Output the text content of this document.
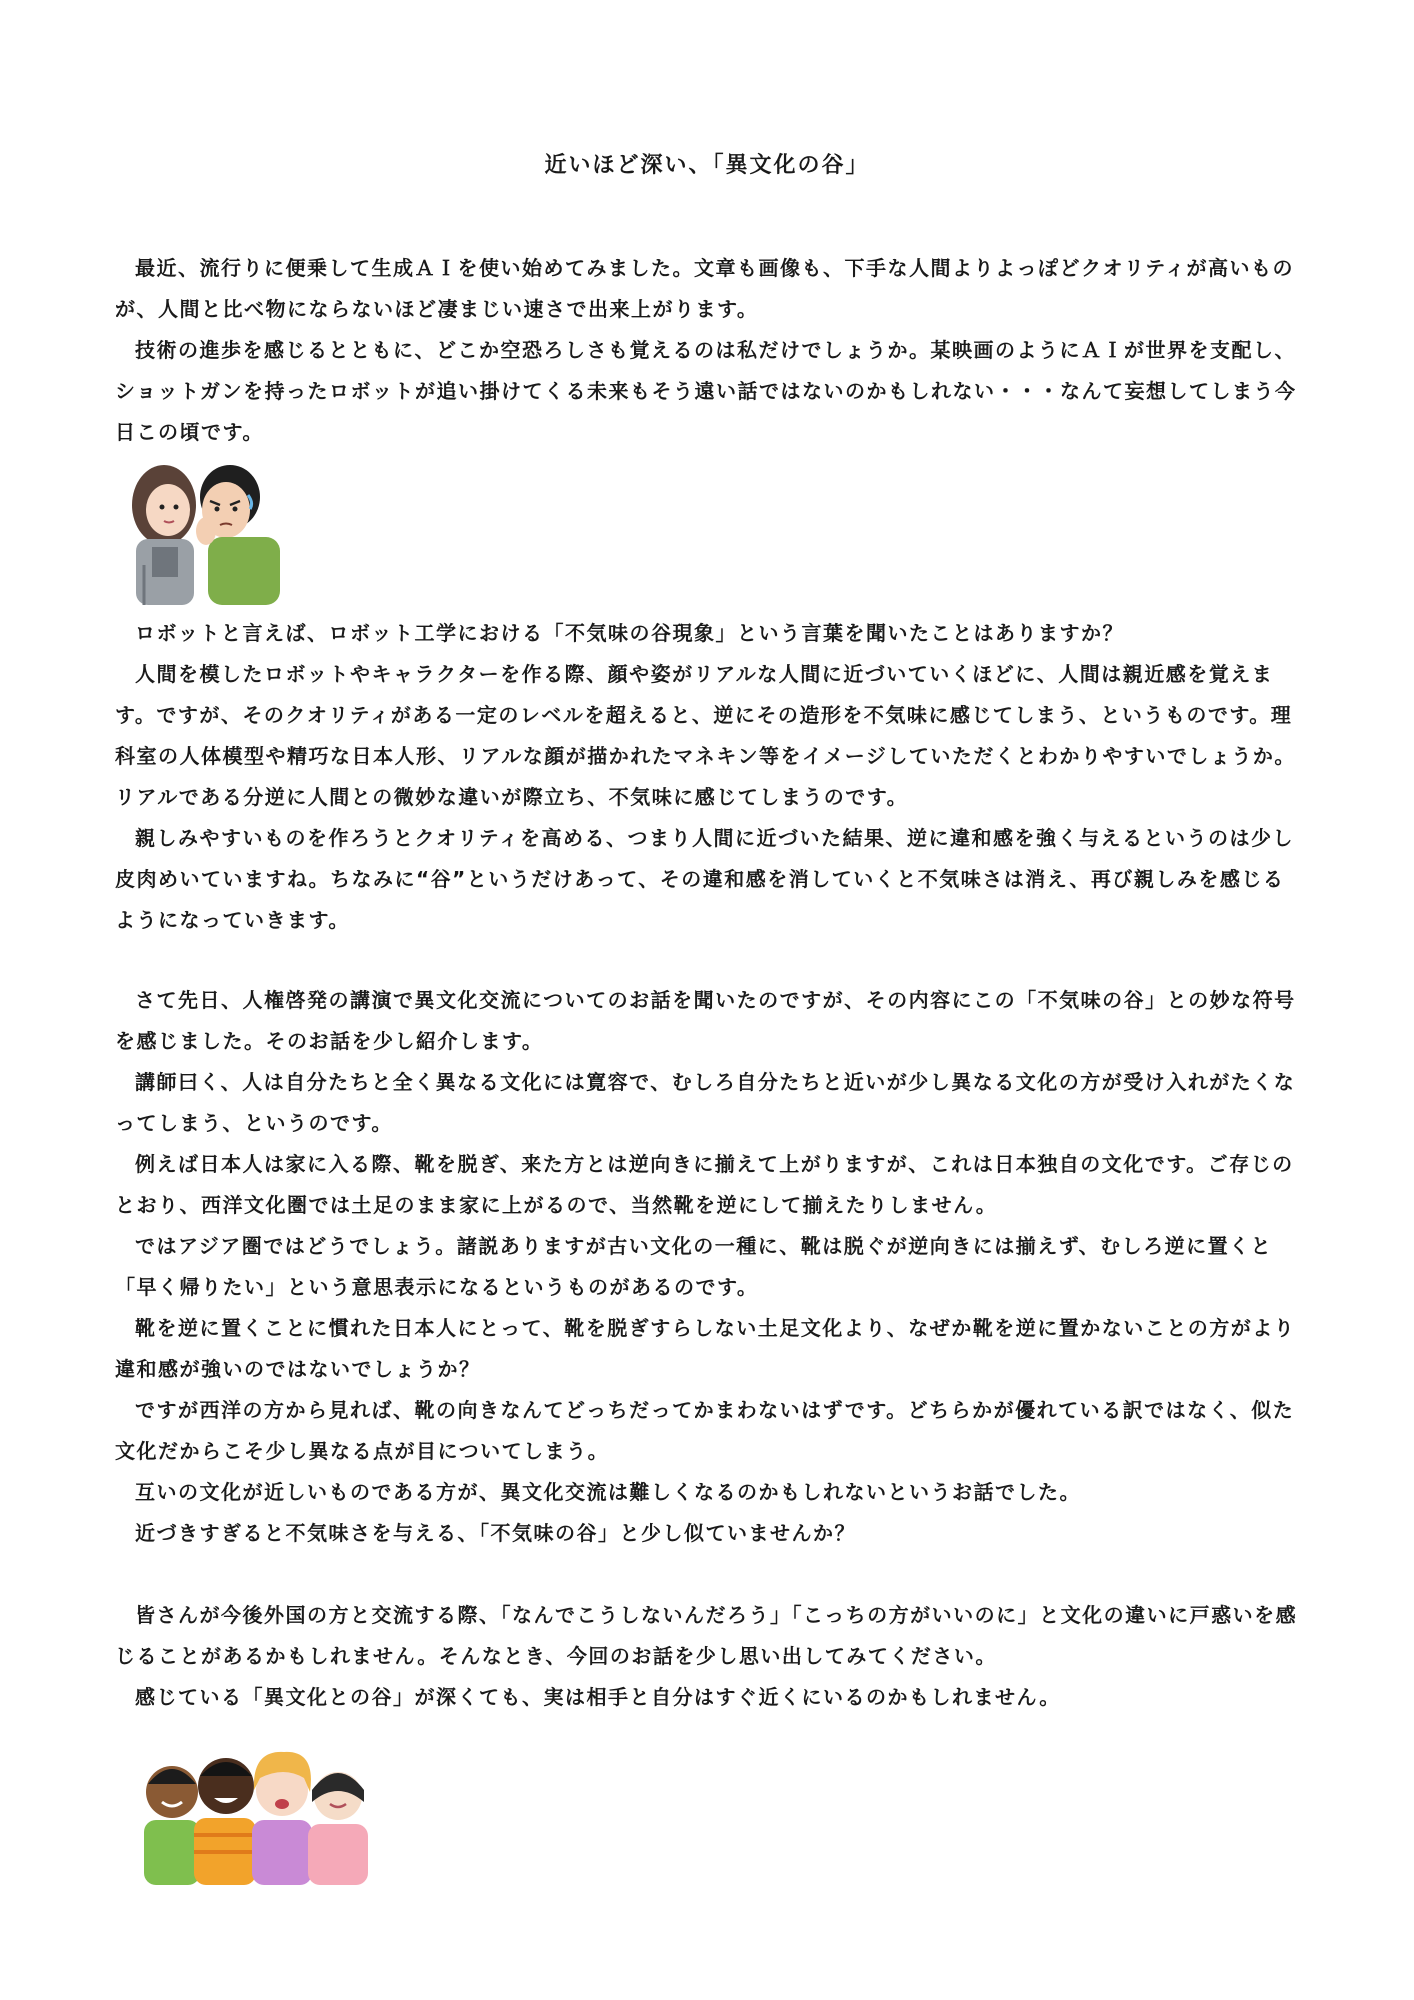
近いほど深い、「異文化の谷」

最近、流行りに便乗して生成ＡＩを使い始めてみました。文章も画像も、下手な人間よりよっぽどクオリティが高いものが、人間と比べ物にならないほど凄まじい速さで出来上がります。

技術の進歩を感じるとともに、どこか空恐ろしさも覚えるのは私だけでしょうか。某映画のようにＡＩが世界を支配し、ショットガンを持ったロボットが追い掛けてくる未来もそう遠い話ではないのかもしれない・・・なんて妄想してしまう今日この頃です。

ロボットと言えば、ロボット工学における「不気味の谷現象」という言葉を聞いたことはありますか？

人間を模したロボットやキャラクターを作る際、顔や姿がリアルな人間に近づいていくほどに、人間は親近感を覚えます。ですが、そのクオリティがある一定のレベルを超えると、逆にその造形を不気味に感じてしまう、というものです。理科室の人体模型や精巧な日本人形、リアルな顔が描かれたマネキン等をイメージしていただくとわかりやすいでしょうか。リアルである分逆に人間との微妙な違いが際立ち、不気味に感じてしまうのです。

親しみやすいものを作ろうとクオリティを高める、つまり人間に近づいた結果、逆に違和感を強く与えるというのは少し皮肉めいていますね。ちなみに“谷”というだけあって、その違和感を消していくと不気味さは消え、再び親しみを感じるようになっていきます。

さて先日、人権啓発の講演で異文化交流についてのお話を聞いたのですが、その内容にこの「不気味の谷」との妙な符号を感じました。そのお話を少し紹介します。

講師曰く、人は自分たちと全く異なる文化には寛容で、むしろ自分たちと近いが少し異なる文化の方が受け入れがたくなってしまう、というのです。

例えば日本人は家に入る際、靴を脱ぎ、来た方とは逆向きに揃えて上がりますが、これは日本独自の文化です。ご存じのとおり、西洋文化圏では土足のまま家に上がるので、当然靴を逆にして揃えたりしません。

ではアジア圏ではどうでしょう。諸説ありますが古い文化の一種に、靴は脱ぐが逆向きには揃えず、むしろ逆に置くと「早く帰りたい」という意思表示になるというものがあるのです。

靴を逆に置くことに慣れた日本人にとって、靴を脱ぎすらしない土足文化より、なぜか靴を逆に置かないことの方がより違和感が強いのではないでしょうか？

ですが西洋の方から見れば、靴の向きなんてどっちだってかまわないはずです。どちらかが優れている訳ではなく、似た文化だからこそ少し異なる点が目についてしまう。

互いの文化が近しいものである方が、異文化交流は難しくなるのかもしれないというお話でした。

近づきすぎると不気味さを与える、「不気味の谷」と少し似ていませんか？

皆さんが今後外国の方と交流する際、「なんでこうしないんだろう」「こっちの方がいいのに」と文化の違いに戸惑いを感じることがあるかもしれません。そんなとき、今回のお話を少し思い出してみてください。

感じている「異文化との谷」が深くても、実は相手と自分はすぐ近くにいるのかもしれません。
